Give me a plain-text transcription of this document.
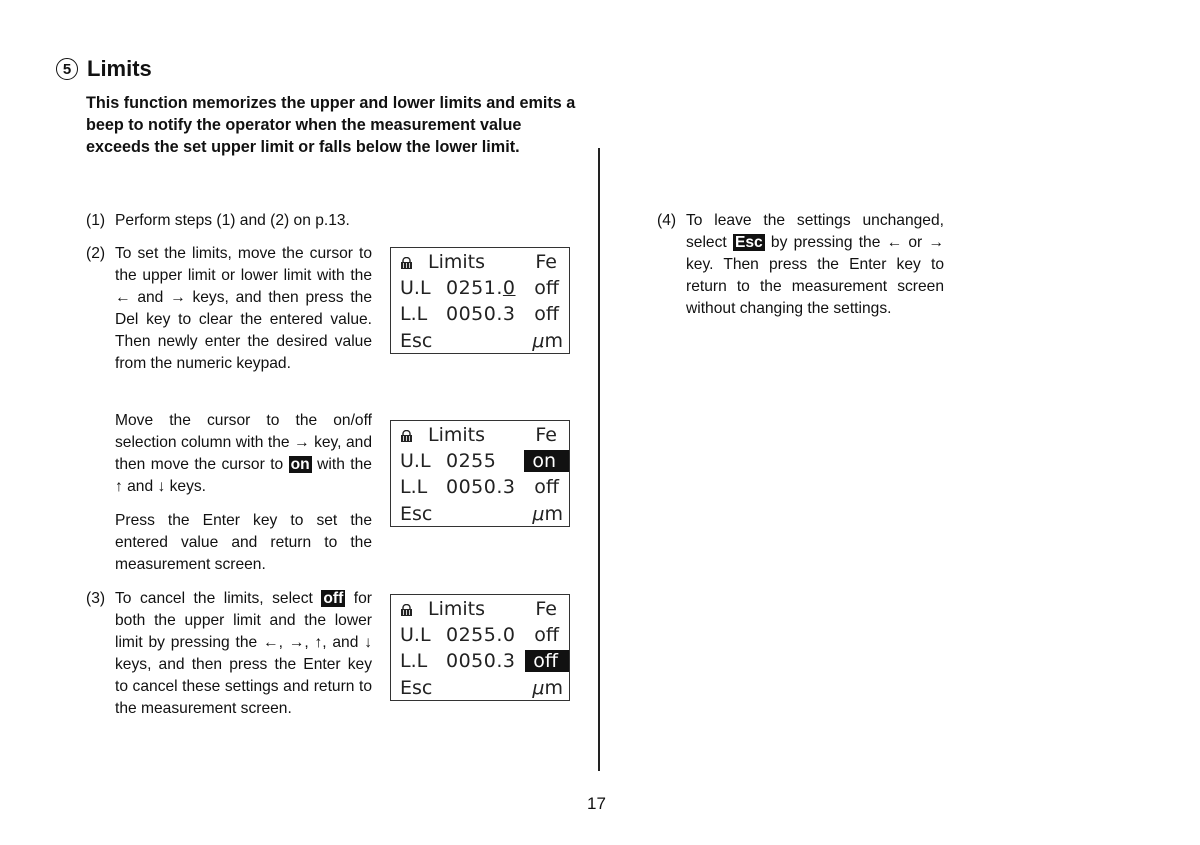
5 Limits
This function memorizes the upper and lower limits and emits a beep to notify the operator when the measurement value exceeds the set upper limit or falls below the lower limit.
(1) Perform steps (1) and (2) on p.13.
(2) To set the limits, move the cursor to the upper limit or lower limit with the ← and → keys, and then press the Del key to clear the entered value. Then newly enter the desired value from the numeric keypad.
Move the cursor to the on/off selection column with the → key, and then move the cursor to on with the ↑ and ↓ keys.
Press the Enter key to set the entered value and return to the measurement screen.
(3) To cancel the limits, select off for both the upper limit and the lower limit by pressing the ←, →, ↑, and ↓ keys, and then press the Enter key to cancel these settings and return to the measurement screen.
(4) To leave the settings unchanged, select Esc by pressing the ← or → key. Then press the Enter key to return to the measurement screen without changing the settings.
Limits	Fe
U.L 0251.0 off
L.L 0050.3 off
Esc	μm
Limits	Fe
U.L 0255	on
L.L 0050.3 off
Esc	μm
Limits	Fe
U.L 0255.0 off
L.L 0050.3 off
Esc	μm
17
